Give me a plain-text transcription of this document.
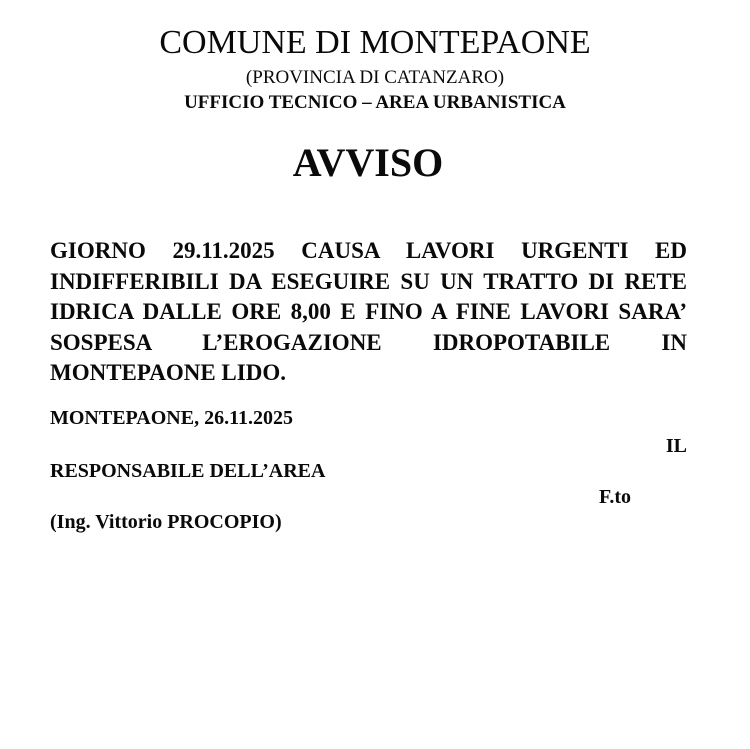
COMUNE DI MONTEPAONE
(PROVINCIA DI CATANZARO)
UFFICIO TECNICO – AREA URBANISTICA
AVVISO
GIORNO 29.11.2025 CAUSA LAVORI URGENTI ED
INDIFFERIBILI DA ESEGUIRE SU UN TRATTO DI RETE
IDRICA DALLE ORE 8,00 E FINO A FINE LAVORI SARA’
SOSPESA L’EROGAZIONE IDROPOTABILE IN
MONTEPAONE LIDO.
MONTEPAONE, 26.11.2025
IL
RESPONSABILE DELL’AREA
F.to
(Ing. Vittorio PROCOPIO)
